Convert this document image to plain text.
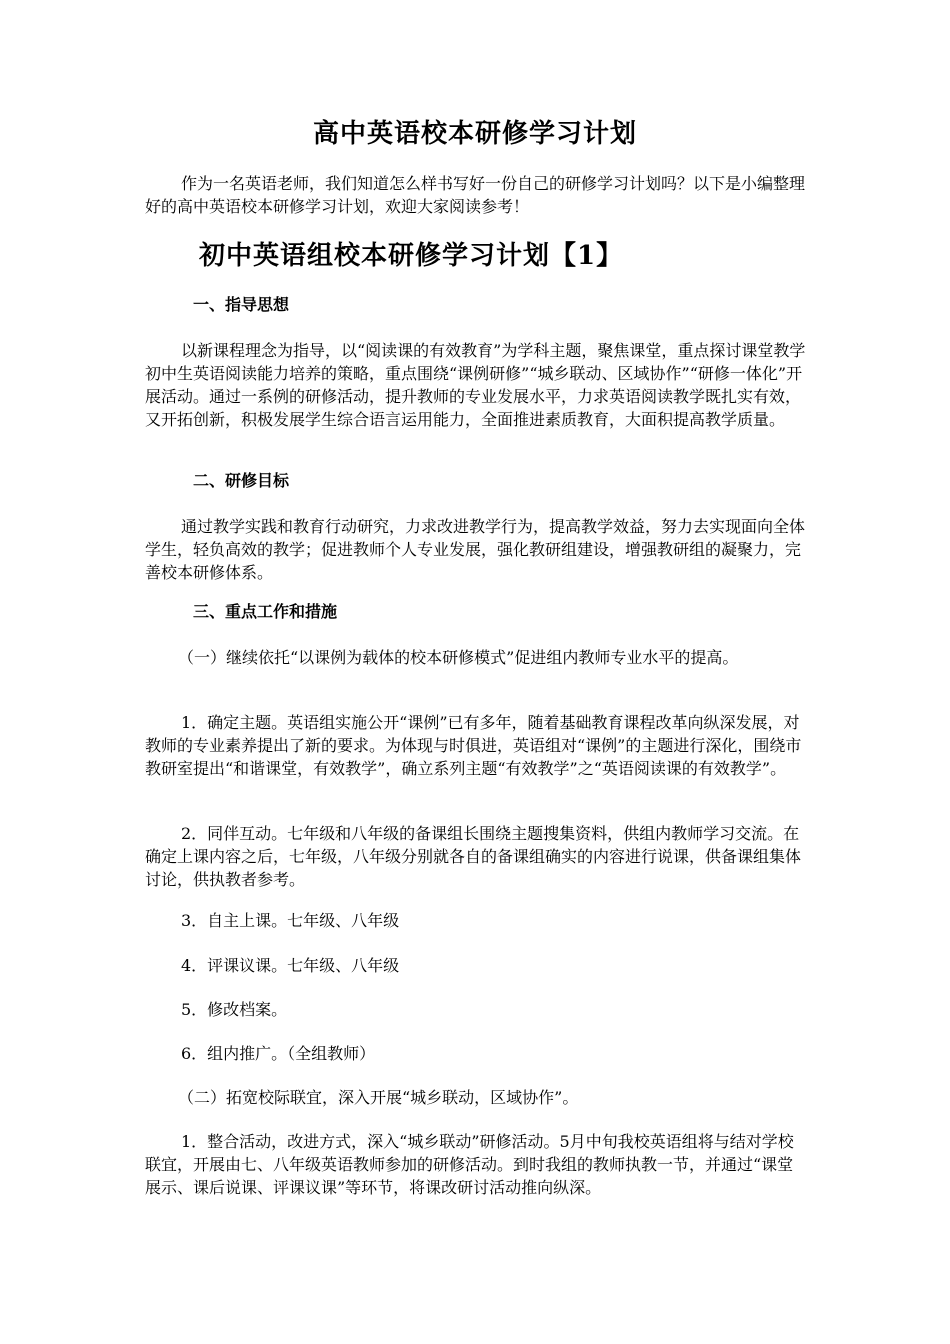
高中英语校本研修学习计划

作为一名英语老师，我们知道怎么样书写好一份自己的研修学习计划吗？以下是小编整理好的高中英语校本研修学习计划，欢迎大家阅读参考！

初中英语组校本研修学习计划【1】
一、指导思想

以新课程理念为指导，以“阅读课的有效教育”为学科主题，聚焦课堂，重点探讨课堂教学初中生英语阅读能力培养的策略，重点围绕“课例研修”“城乡联动、区域协作”“研修一体化”开展活动。通过一系例的研修活动，提升教师的专业发展水平，力求英语阅读教学既扎实有效，又开拓创新，积极发展学生综合语言运用能力，全面推进素质教育，大面积提高教学质量。

二、研修目标

通过教学实践和教育行动研究，力求改进教学行为，提高教学效益，努力去实现面向全体学生，轻负高效的教学；促进教师个人专业发展，强化教研组建设，增强教研组的凝聚力，完善校本研修体系。

三、重点工作和措施

（一）继续依托“以课例为载体的校本研修模式”促进组内教师专业水平的提高。

1．确定主题。英语组实施公开“课例”已有多年，随着基础教育课程改革向纵深发展，对教师的专业素养提出了新的要求。为体现与时俱进，英语组对“课例”的主题进行深化，围绕市教研室提出“和谐课堂，有效教学”，确立系列主题“有效教学”之“英语阅读课的有效教学”。

2．同伴互动。七年级和八年级的备课组长围绕主题搜集资料，供组内教师学习交流。在确定上课内容之后，七年级，八年级分别就各自的备课组确实的内容进行说课，供备课组集体讨论，供执教者参考。

3．自主上课。七年级、八年级

4．评课议课。七年级、八年级

5．修改档案。

6．组内推广。（全组教师）

（二）拓宽校际联宜，深入开展“城乡联动，区域协作”。

1．整合活动，改进方式，深入“城乡联动”研修活动。5月中旬我校英语组将与结对学校联宜，开展由七、八年级英语教师参加的研修活动。到时我组的教师执教一节，并通过“课堂展示、课后说课、评课议课”等环节，将课改研讨活动推向纵深。
